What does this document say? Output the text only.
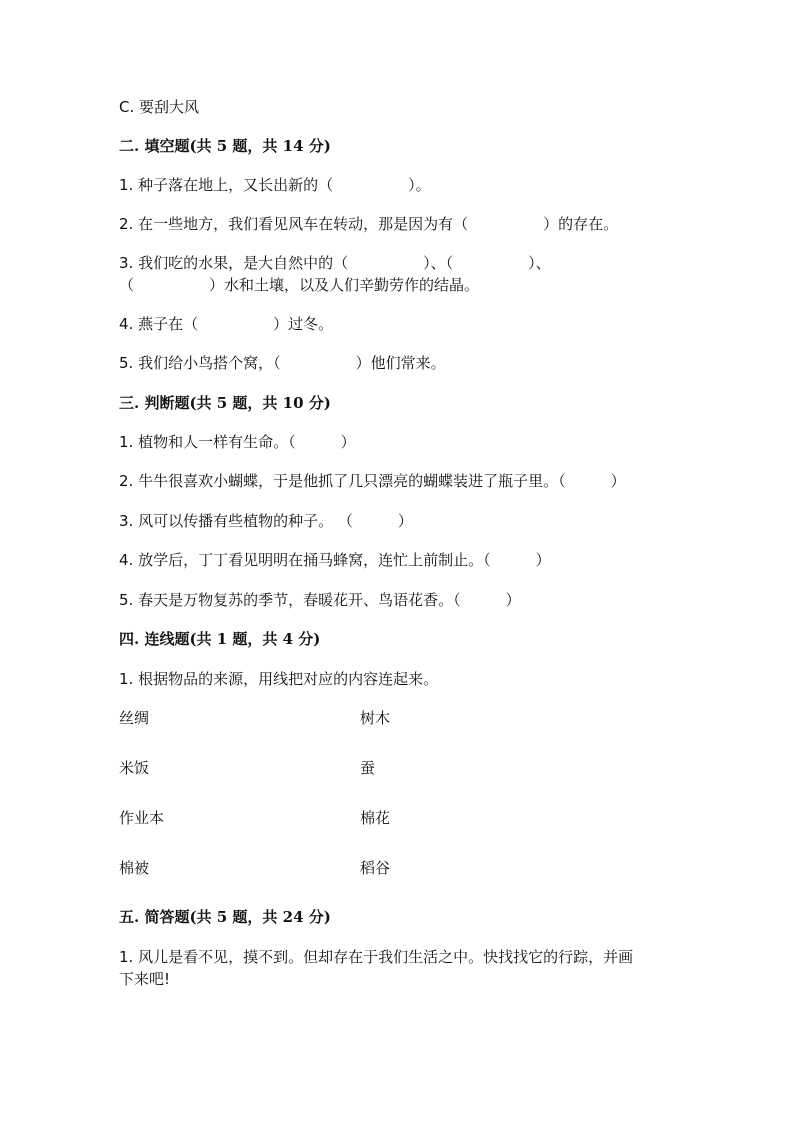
C. 要刮大风
二. 填空题(共 5 题，共 14 分)
1. 种子落在地上，又长出新的（　　　　　）。
2. 在一些地方，我们看见风车在转动，那是因为有（　　　　　）的存在。
3. 我们吃的水果，是大自然中的（　　　　　）、（　　　　　）、
（　　　　　）水和土壤，以及人们辛勤劳作的结晶。
4. 燕子在（　　　　　）过冬。
5. 我们给小鸟搭个窝，（　　　　　）他们常来。
三. 判断题(共 5 题，共 10 分)
1. 植物和人一样有生命。（　　　）
2. 牛牛很喜欢小蝴蝶，于是他抓了几只漂亮的蝴蝶装进了瓶子里。（　　　）
3. 风可以传播有些植物的种子。 （　　　）
4. 放学后，丁丁看见明明在捅马蜂窝，连忙上前制止。（　　　）
5. 春天是万物复苏的季节，春暖花开、鸟语花香。（　　　）
四. 连线题(共 1 题，共 4 分)
1. 根据物品的来源，用线把对应的内容连起来。
丝绸	树木
米饭	蚕
作业本	棉花
棉被	稻谷
五. 简答题(共 5 题，共 24 分)
1. 风儿是看不见，摸不到。但却存在于我们生活之中。快找找它的行踪，并画
下来吧!
